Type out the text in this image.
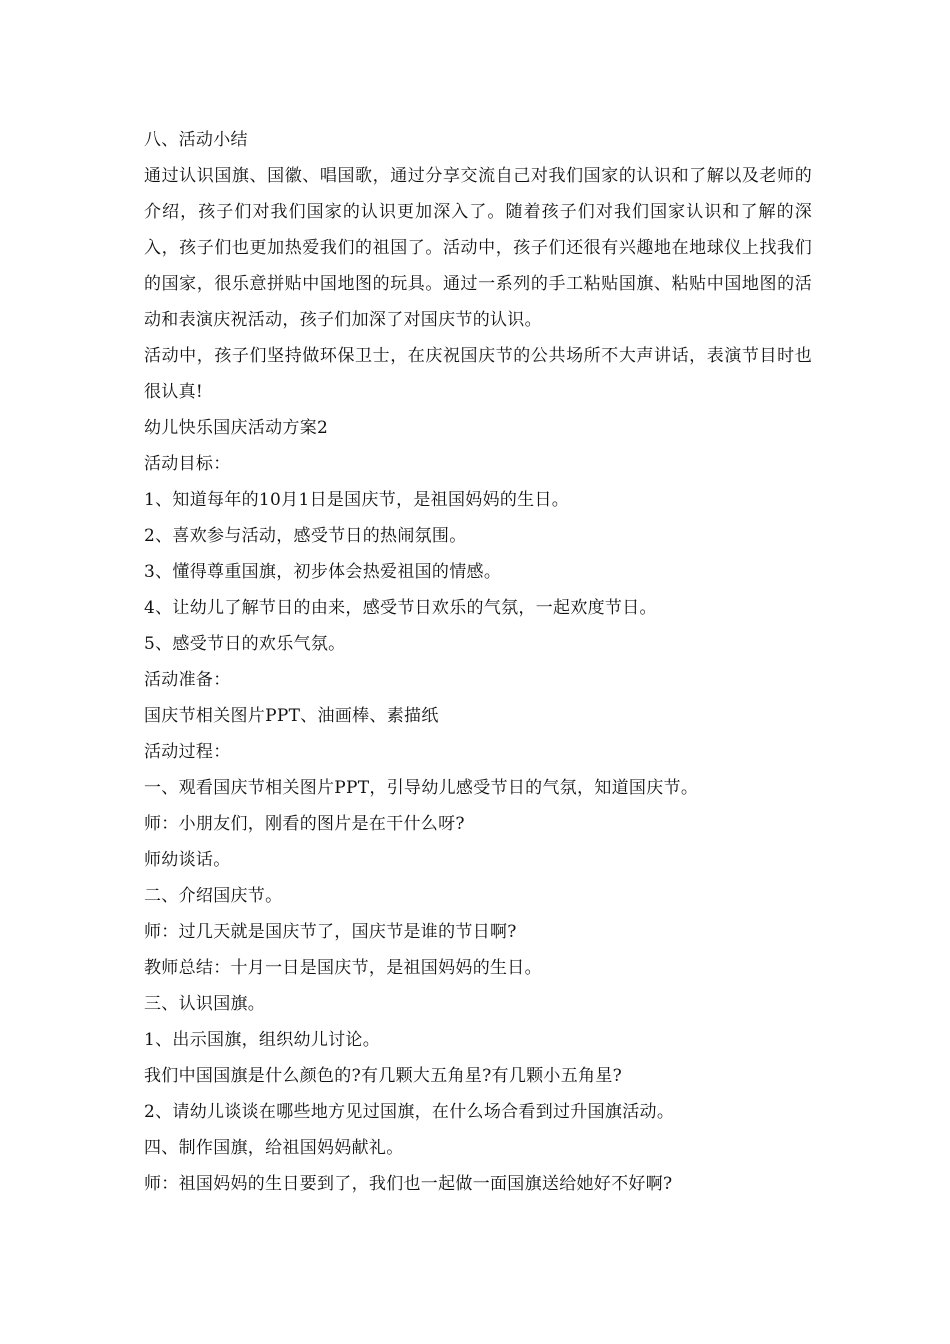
八、活动小结

通过认识国旗、国徽、唱国歌，通过分享交流自己对我们国家的认识和了解以及老师的介绍，孩子们对我们国家的认识更加深入了。随着孩子们对我们国家认识和了解的深入，孩子们也更加热爱我们的祖国了。活动中，孩子们还很有兴趣地在地球仪上找我们的国家，很乐意拼贴中国地图的玩具。通过一系列的手工粘贴国旗、粘贴中国地图的活动和表演庆祝活动，孩子们加深了对国庆节的认识。

活动中，孩子们坚持做环保卫士，在庆祝国庆节的公共场所不大声讲话，表演节目时也很认真!

幼儿快乐国庆活动方案2

活动目标：

1、知道每年的10月1日是国庆节，是祖国妈妈的生日。

2、喜欢参与活动，感受节日的热闹氛围。

3、懂得尊重国旗，初步体会热爱祖国的情感。

4、让幼儿了解节日的由来，感受节日欢乐的气氛，一起欢度节日。

5、感受节日的欢乐气氛。

活动准备：

国庆节相关图片PPT、油画棒、素描纸

活动过程：

一、观看国庆节相关图片PPT，引导幼儿感受节日的气氛，知道国庆节。

师：小朋友们，刚看的图片是在干什么呀?

师幼谈话。

二、介绍国庆节。

师：过几天就是国庆节了，国庆节是谁的节日啊?

教师总结：十月一日是国庆节，是祖国妈妈的生日。

三、认识国旗。

1、出示国旗，组织幼儿讨论。

我们中国国旗是什么颜色的?有几颗大五角星?有几颗小五角星?

2、请幼儿谈谈在哪些地方见过国旗，在什么场合看到过升国旗活动。

四、制作国旗，给祖国妈妈献礼。

师：祖国妈妈的生日要到了，我们也一起做一面国旗送给她好不好啊?
